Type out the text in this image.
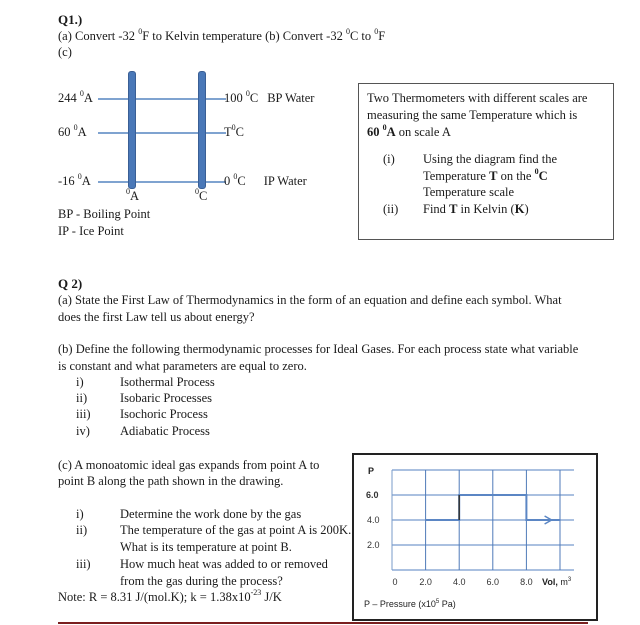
Q1.)
(a) Convert -32 $^0$F to Kelvin temperature (b) Convert -32 $^0$C to $^0$F
(c)
244 $^0$A
60 $^0$A
-16 $^0$A
100 $^0$C BP Water
$T^0C$
0 $^0$C IP Water
$^0$A	$^0$C
BP - Boiling Point
IP - Ice Point
Two Thermometers with different scales are
measuring the same Temperature which is
60 $^0$A on scale A
(i) Using the diagram find the
Temperature T on the $^0$C
Temperature scale
(ii) Find T in Kelvin (K)
Q 2)
(a) State the First Law of Thermodynamics in the form of an equation and define each symbol. What
does the first Law tell us about energy?
(b) Define the following thermodynamic processes for Ideal Gases. For each process state what variable
is constant and what parameters are equal to zero.
i)	Isothermal Process
ii)	Isobaric Processes
iii) Isochoric Process
iv) Adiabatic Process
(c) A monoatomic ideal gas expands from point A to
point B along the path shown in the drawing.
i)	Determine the work done by the gas
ii)	The temperature of the gas at point A is 200K.
What is its temperature at point B.
iii) How much heat was added to or removed
from the gas during the process?
Note: R = 8.31 J/(mol.K); $k = 1.38x10^{-23}$ J/K
P
2.0
4.0
6.0
0 2.0 4.0 6.0 8.0 Vol, $m^3$
P – Pressure ($x10^5$ Pa)
